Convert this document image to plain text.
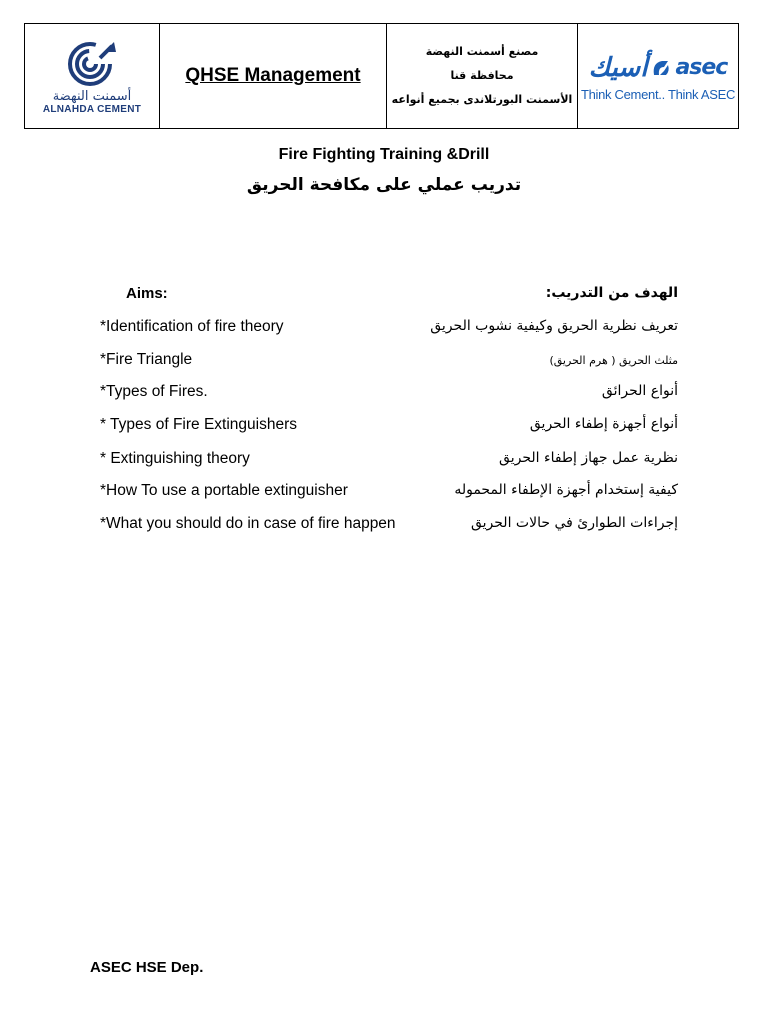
أسمنت النهضة
ALNAHDA CEMENT
	QHSE Management	
مصنع أسمنت النهضة
محافظة قنا
الأسمنت البورتلاندى بجميع أنواعه

أسيك asec
Think Cement.. Think ASEC
Fire Fighting Training &Drill
تدريب عملي على مكافحة الحريق
Aims:	الهدف من التدريب:
*Identification of fire theory	تعريف نظرية الحريق وكيفية نشوب الحريق
*Fire Triangle	مثلث الحريق ( هرم الحريق)
*Types of Fires.	أنواع الحرائق
* Types of Fire Extinguishers	أنواع أجهزة إطفاء الحريق
* Extinguishing theory	نظرية عمل جهاز إطفاء الحريق
*How To use a portable extinguisher	كيفية إستخدام أجهزة الإطفاء المحموله
*What you should do in case of fire happen	إجراءات الطوارئ في حالات الحريق
ASEC HSE Dep.
